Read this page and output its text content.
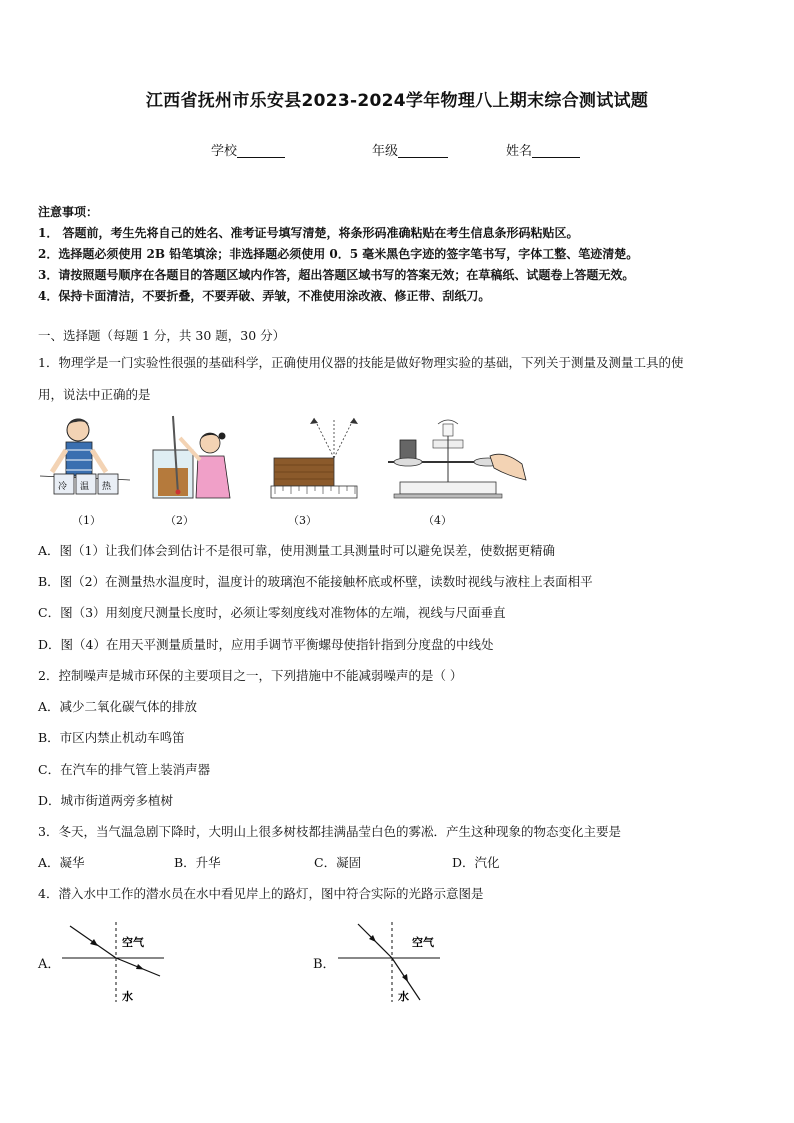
江西省抚州市乐安县2023-2024学年物理八上期末综合测试试题
学校	年级	姓名
注意事项：
1． 答题前，考生先将自己的姓名、准考证号填写清楚，将条形码准确粘贴在考生信息条形码粘贴区。
2．选择题必须使用 2B 铅笔填涂；非选择题必须使用 0．5 毫米黑色字迹的签字笔书写，字体工整、笔迹清楚。
3．请按照题号顺序在各题目的答题区域内作答，超出答题区域书写的答案无效；在草稿纸、试题卷上答题无效。
4．保持卡面清洁，不要折叠，不要弄破、弄皱，不准使用涂改液、修正带、刮纸刀。
一、选择题（每题 1 分，共 30 题，30 分）
1．物理学是一门实验性很强的基础科学，正确使用仪器的技能是做好物理实验的基础，下列关于测量及测量工具的使
用，说法中正确的是
冷 温 热
（1）	（2）	（3）	（4）
A．图（1）让我们体会到估计不是很可靠，使用测量工具测量时可以避免误差，使数据更精确
B．图（2）在测量热水温度时，温度计的玻璃泡不能接触杯底或杯壁，读数时视线与液柱上表面相平
C．图（3）用刻度尺测量长度时，必须让零刻度线对准物体的左端，视线与尺面垂直
D．图（4）在用天平测量质量时，应用手调节平衡螺母使指针指到分度盘的中线处
2．控制噪声是城市环保的主要项目之一，下列措施中不能减弱噪声的是（ ）
A．减少二氧化碳气体的排放
B．市区内禁止机动车鸣笛
C．在汽车的排气管上装消声器
D．城市街道两旁多植树
3．冬天，当气温急剧下降时，大明山上很多树枝都挂满晶莹白色的雾凇．产生这种现象的物态变化主要是
A．凝华	B．升华	C．凝固	D．汽化
4．潜入水中工作的潜水员在水中看见岸上的路灯，图中符合实际的光路示意图是
A．
空气
水
B．
空气
水
